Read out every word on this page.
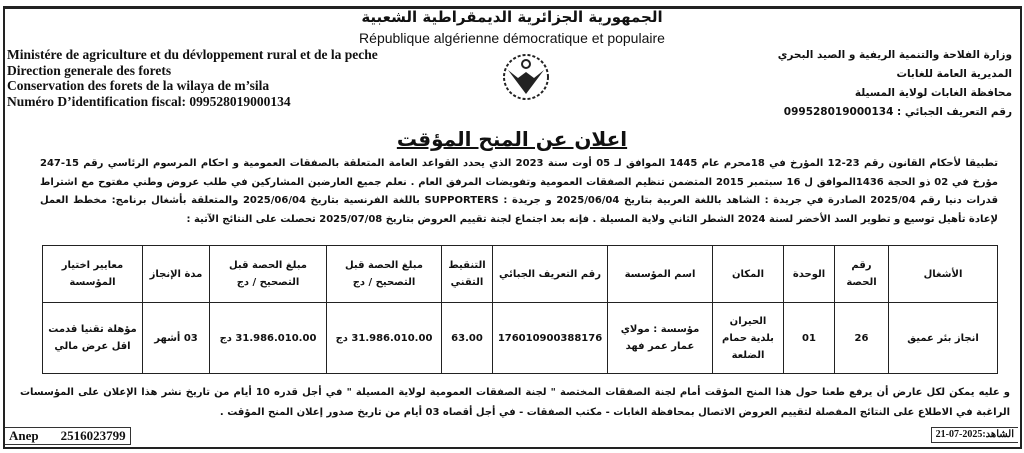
الجمهورية الجزائرية الديمقراطية الشعبية
République algérienne démocratique et populaire
Ministére de agriculture et du dévloppement rural et de la peche
Direction generale des forets
Conservation des forets de la wilaya de m’sila
Numéro D’identification fiscal: 099528019000134
وزارة الفلاحة والتنمية الريفية و الصيد البحري
المديرية العامة للغابات
محافظة الغابات لولاية المسيلة
رقم التعريف الجبائي : 099528019000134
اعلان عن المنح المؤقت
تطبيقا لأحكام القانون رقم 23-12 المؤرخ في 18محرم عام 1445 الموافق لـ 05 أوت سنة 2023 الذي يحدد القواعد العامة المتعلقة بالصفقات العمومية و احكام المرسوم الرئاسي رقم 15-247 مؤرخ في 02 ذو الحجة 1436الموافق ل 16 سبتمبر 2015 المتضمن تنظيم الصفقات العمومية وتفويضات المرفق العام . نعلم جميع العارضين المشاركين في طلب عروض وطني مفتوح مع اشتراط قدرات دنيا رقم 2025/04 الصادرة في جريدة : الشاهد باللغة العربية بتاريخ 2025/06/04 و جريدة : SUPPORTERS باللغة الفرنسية بتاريخ 2025/06/04 والمتعلقة بأشغال برنامج: مخطط العمل لإعادة تأهيل توسيع و تطوير السد الأخضر لسنة 2024 الشطر الثاني ولاية المسيلة . فإنه بعد اجتماع لجنة تقييم العروض بتاريخ 2025/07/08 تحصلت على النتائج الآتية :
الأشغال	رقم الحصة	الوحدة	المكان	اسم المؤسسة	رقم التعريف الجبائي	التنقيط التقني	مبلغ الحصة قبل التصحيح / دج	مبلغ الحصة قبل التصحيح / دج	مدة الإنجاز	معايير اختيار المؤسسة
انجاز بئر عميق	26	01	الحيران بلدية حمام الضلعة	مؤسسة : مولاي عمار عمر فهد	176010900388176	63.00	31.986.010.00 دج	31.986.010.00 دج	03 أشهر	مؤهلة تقنيا قدمت اقل عرض مالي
و عليه يمكن لكل عارض أن يرفع طعنا حول هذا المنح المؤقت أمام لجنة الصفقات المختصة " لجنة الصفقات العمومية لولاية المسيلة " في أجل قدره 10 أيام من تاريخ نشر هذا الإعلان على المؤسسات الراغبة في الاطلاع على النتائج المفصلة لتقييم العروض الاتصال بمحافظة الغابات - مكتب الصفقات - في أجل أقصاه 03 أيام من تاريخ صدور إعلان المنح المؤقت .
Anep 2516023799	الشاهد:2025-07-21
